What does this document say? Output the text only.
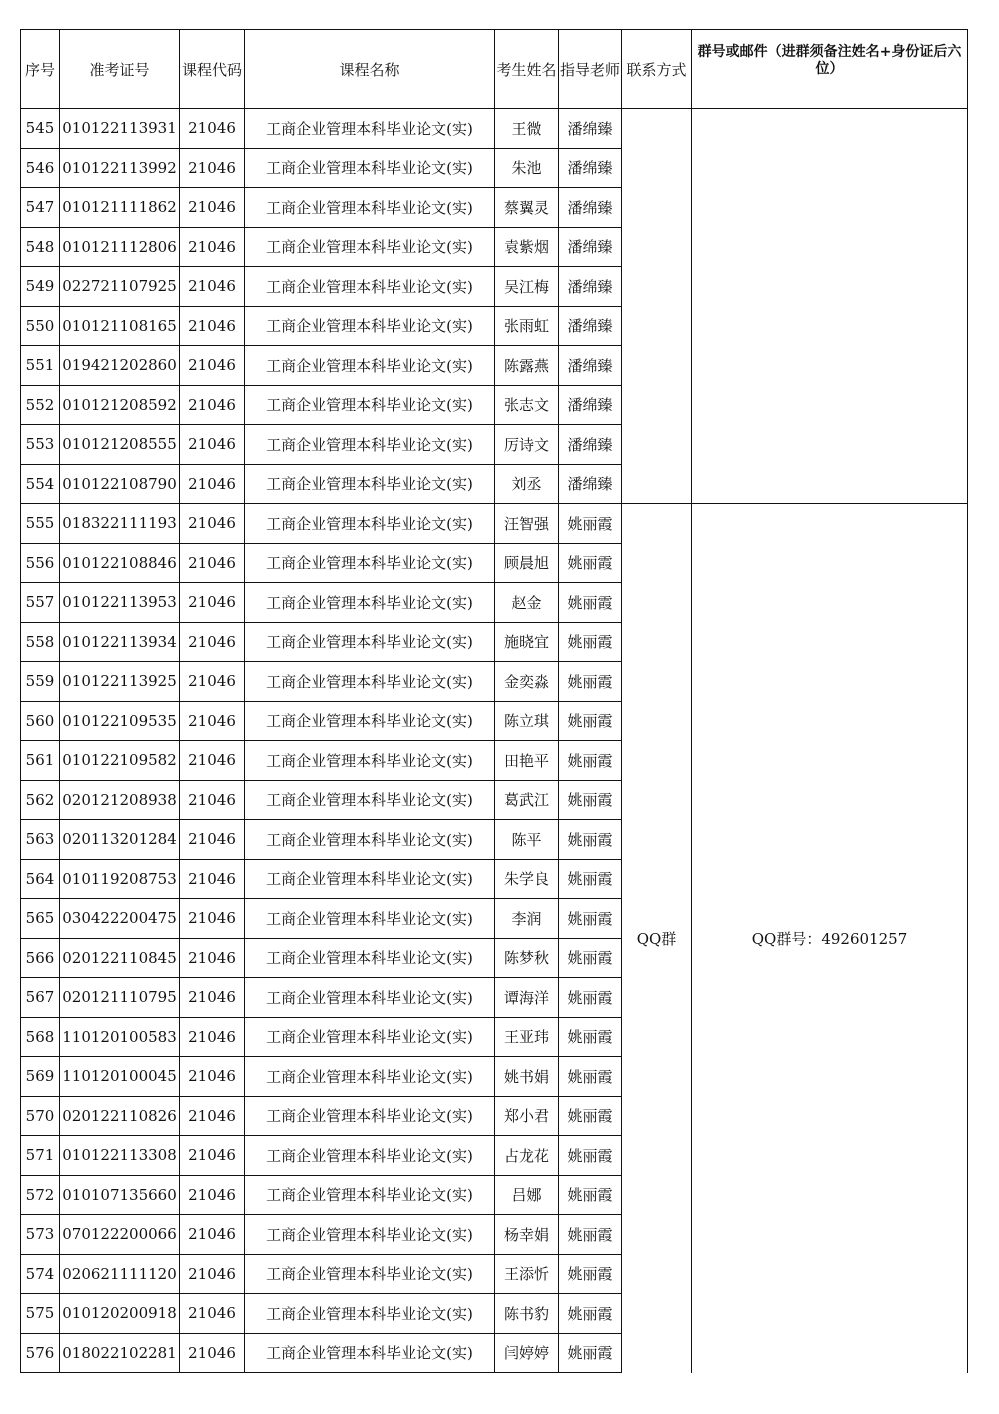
序号	准考证号	课程代码	课程名称	考生姓名	指导老师	联系方式	群号或邮件（进群须备注姓名+身份证后六位）
545	010122113931	21046	工商企业管理本科毕业论文(实)	王微	潘绵臻		
546	010122113992	21046	工商企业管理本科毕业论文(实)	朱池	潘绵臻		
547	010121111862	21046	工商企业管理本科毕业论文(实)	蔡翼灵	潘绵臻		
548	010121112806	21046	工商企业管理本科毕业论文(实)	袁紫烟	潘绵臻		
549	022721107925	21046	工商企业管理本科毕业论文(实)	吴江梅	潘绵臻		
550	010121108165	21046	工商企业管理本科毕业论文(实)	张雨虹	潘绵臻		
551	019421202860	21046	工商企业管理本科毕业论文(实)	陈露燕	潘绵臻		
552	010121208592	21046	工商企业管理本科毕业论文(实)	张志文	潘绵臻		
553	010121208555	21046	工商企业管理本科毕业论文(实)	厉诗文	潘绵臻		
554	010122108790	21046	工商企业管理本科毕业论文(实)	刘丞	潘绵臻		
555	018322111193	21046	工商企业管理本科毕业论文(实)	汪智强	姚丽霞	QQ群	QQ群号：492601257
556	010122108846	21046	工商企业管理本科毕业论文(实)	顾晨旭	姚丽霞		
557	010122113953	21046	工商企业管理本科毕业论文(实)	赵金	姚丽霞		
558	010122113934	21046	工商企业管理本科毕业论文(实)	施晓宜	姚丽霞		
559	010122113925	21046	工商企业管理本科毕业论文(实)	金奕淼	姚丽霞		
560	010122109535	21046	工商企业管理本科毕业论文(实)	陈立琪	姚丽霞		
561	010122109582	21046	工商企业管理本科毕业论文(实)	田艳平	姚丽霞		
562	020121208938	21046	工商企业管理本科毕业论文(实)	葛武江	姚丽霞		
563	020113201284	21046	工商企业管理本科毕业论文(实)	陈平	姚丽霞		
564	010119208753	21046	工商企业管理本科毕业论文(实)	朱学良	姚丽霞		
565	030422200475	21046	工商企业管理本科毕业论文(实)	李润	姚丽霞		
566	020122110845	21046	工商企业管理本科毕业论文(实)	陈梦秋	姚丽霞		
567	020121110795	21046	工商企业管理本科毕业论文(实)	谭海洋	姚丽霞		
568	110120100583	21046	工商企业管理本科毕业论文(实)	王亚玮	姚丽霞		
569	110120100045	21046	工商企业管理本科毕业论文(实)	姚书娟	姚丽霞		
570	020122110826	21046	工商企业管理本科毕业论文(实)	郑小君	姚丽霞		
571	010122113308	21046	工商企业管理本科毕业论文(实)	占龙花	姚丽霞		
572	010107135660	21046	工商企业管理本科毕业论文(实)	吕娜	姚丽霞		
573	070122200066	21046	工商企业管理本科毕业论文(实)	杨幸娟	姚丽霞		
574	020621111120	21046	工商企业管理本科毕业论文(实)	王添忻	姚丽霞		
575	010120200918	21046	工商企业管理本科毕业论文(实)	陈书豹	姚丽霞		
576	018022102281	21046	工商企业管理本科毕业论文(实)	闫婷婷	姚丽霞		
